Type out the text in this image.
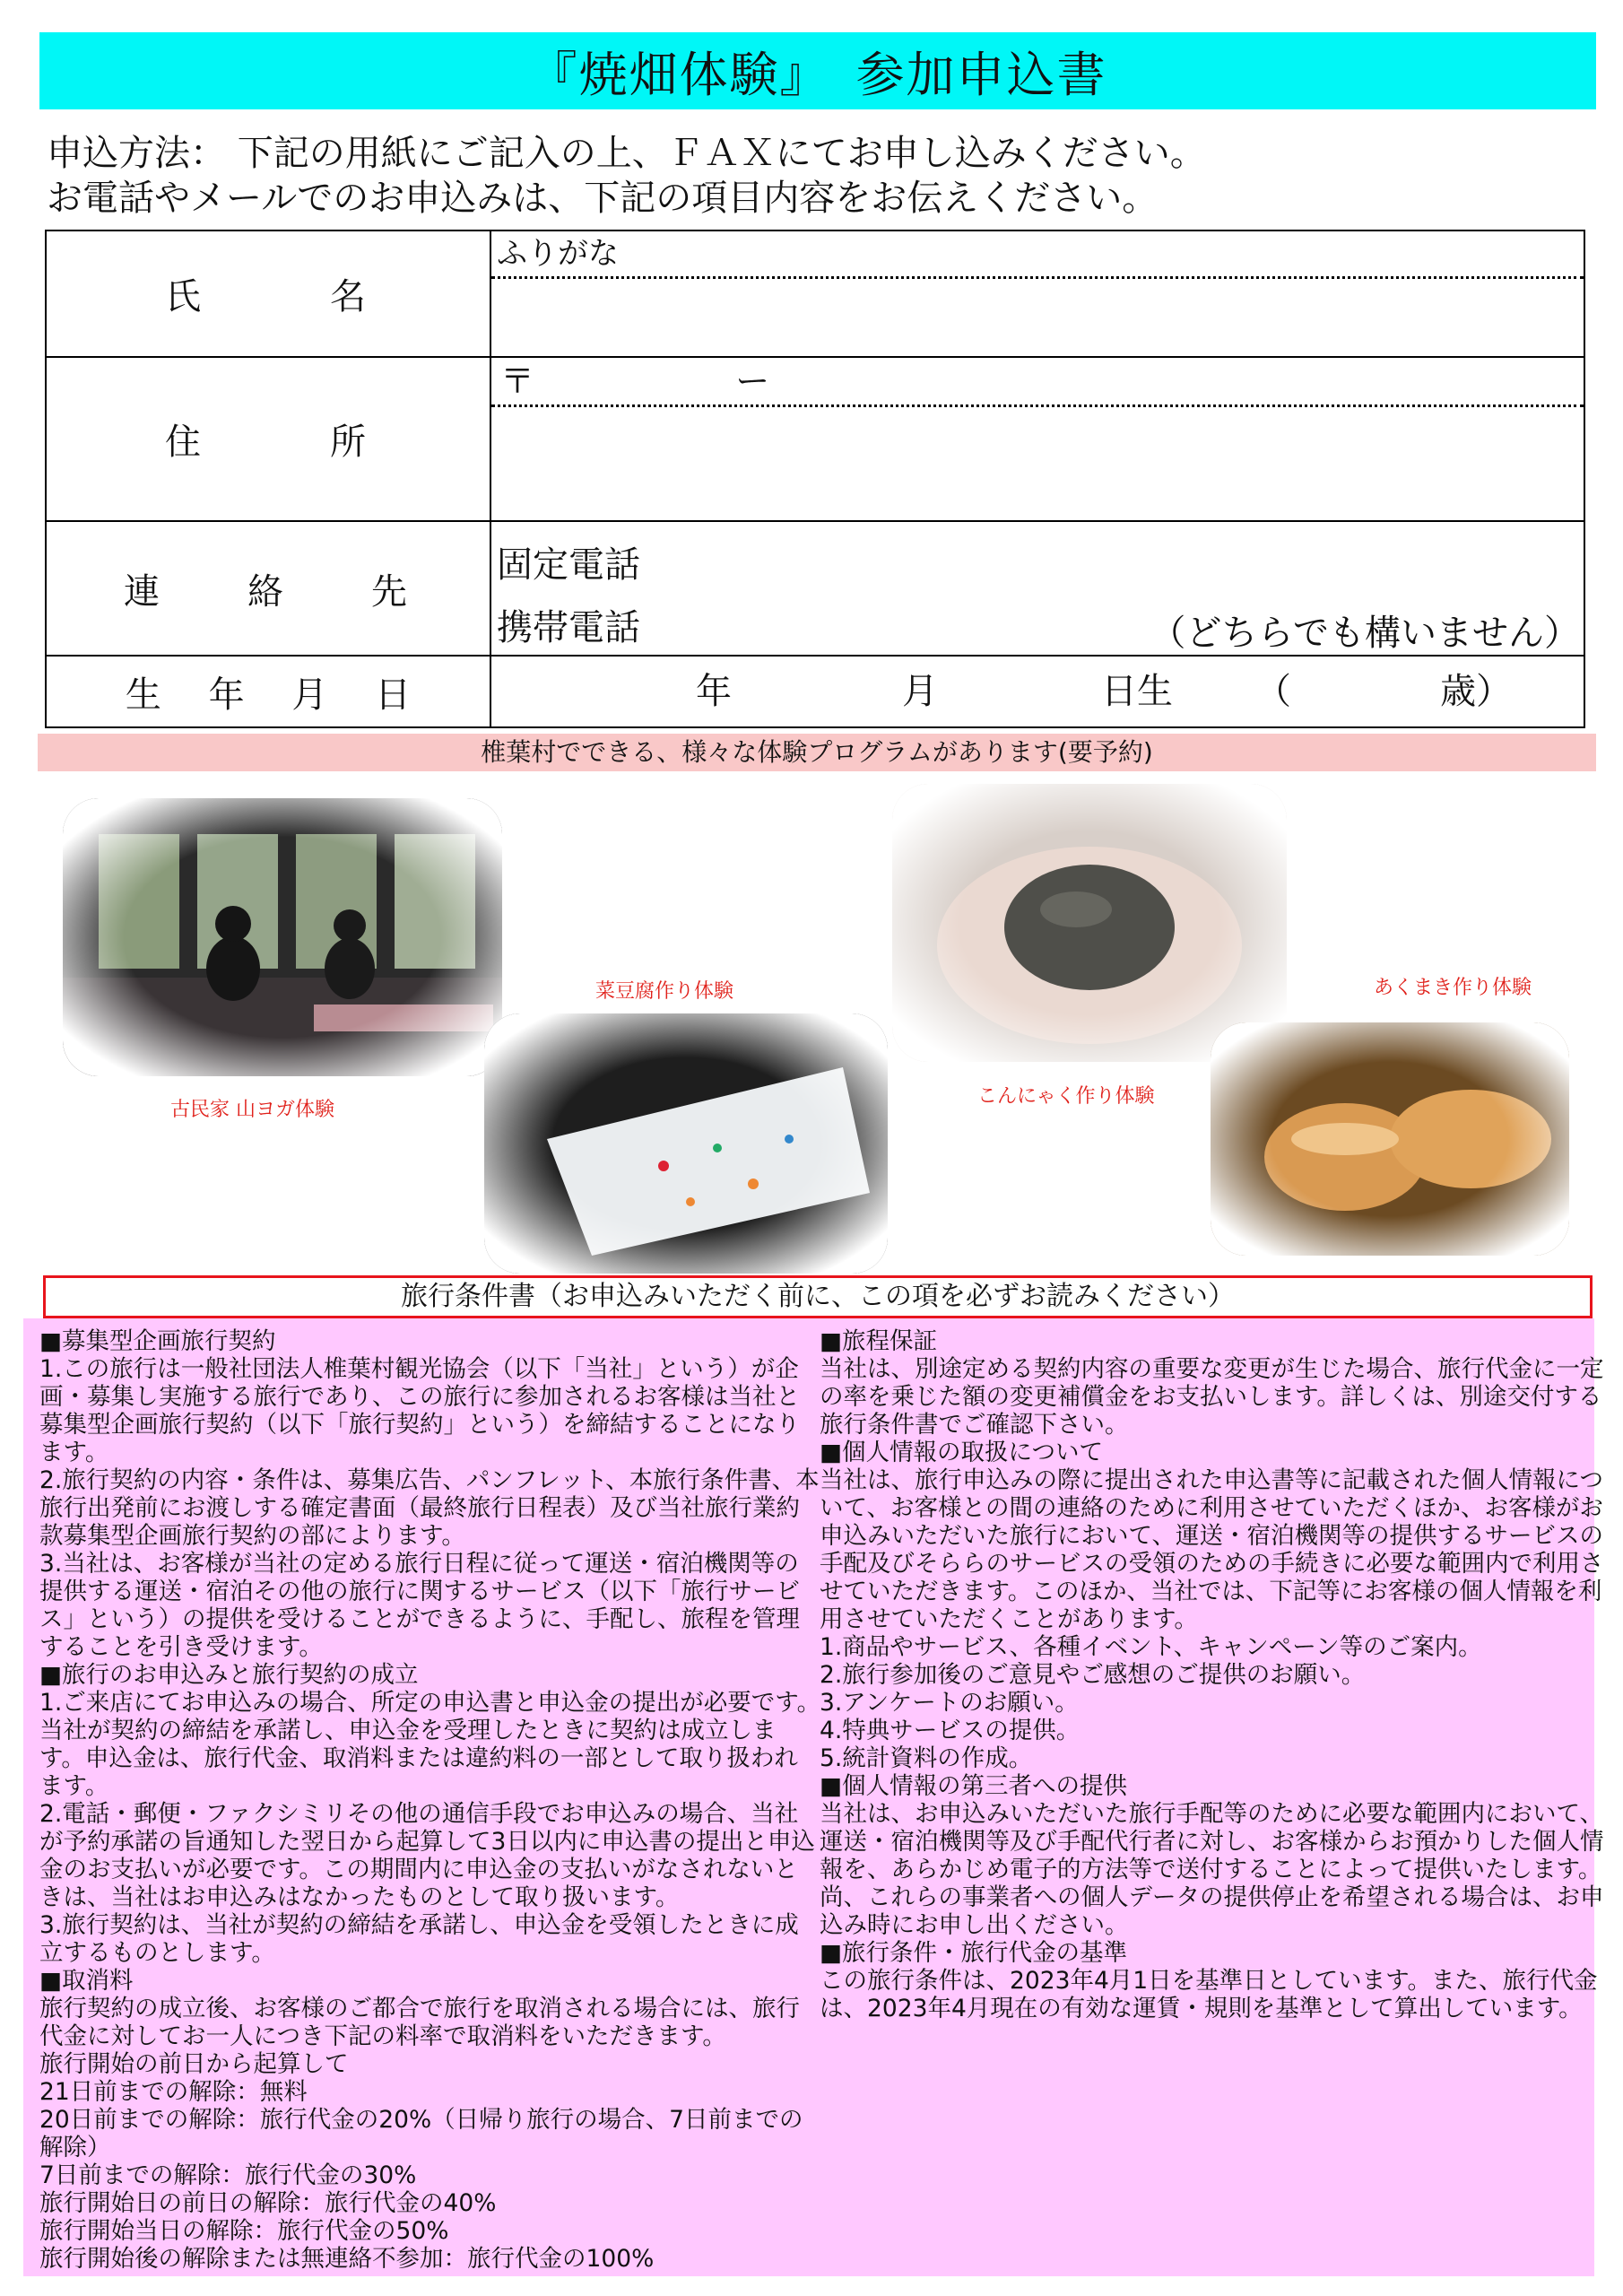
『焼畑体験』　参加申込書
申込方法： 下記の用紙にご記入の上、ＦＡＸにてお申し込みください。
お電話やメールでのお申込みは、下記の項目内容をお伝えください。
氏　　　名	ふりがな

住　　　所	〒 ー

連　　絡　　先	固定電話
携帯電話 （どちらでも構いません）

生　 年　 月　 日	年 月 日生 （ 歳）
椎葉村でできる、様々な体験プログラムがあります(要予約)
古民家 山ヨガ体験
菜豆腐作り体験
こんにゃく作り体験
あくまき作り体験
旅行条件書（お申込みいただく前に、この項を必ずお読みください）

■募集型企画旅行契約

1.この旅行は一般社団法人椎葉村観光協会（以下「当社」という）が企画・募集し実施する旅行であり、この旅行に参加されるお客様は当社と募集型企画旅行契約（以下「旅行契約」という）を締結することになります。

2.旅行契約の内容・条件は、募集広告、パンフレット、本旅行条件書、本旅行出発前にお渡しする確定書面（最終旅行日程表）及び当社旅行業約款募集型企画旅行契約の部によります。

3.当社は、お客様が当社の定める旅行日程に従って運送・宿泊機関等の提供する運送・宿泊その他の旅行に関するサービス（以下「旅行サービス」という）の提供を受けることができるように、手配し、旅程を管理することを引き受けます。

■旅行のお申込みと旅行契約の成立

1.ご来店にてお申込みの場合、所定の申込書と申込金の提出が必要です。当社が契約の締結を承諾し、申込金を受理したときに契約は成立します。申込金は、旅行代金、取消料または違約料の一部として取り扱われます。

2.電話・郵便・ファクシミリその他の通信手段でお申込みの場合、当社が予約承諾の旨通知した翌日から起算して3日以内に申込書の提出と申込金のお支払いが必要です。この期間内に申込金の支払いがなされないときは、当社はお申込みはなかったものとして取り扱います。

3.旅行契約は、当社が契約の締結を承諾し、申込金を受領したときに成立するものとします。

■取消料

旅行契約の成立後、お客様のご都合で旅行を取消される場合には、旅行代金に対してお一人につき下記の料率で取消料をいただきます。

旅行開始の前日から起算して

21日前までの解除：無料

20日前までの解除：旅行代金の20%（日帰り旅行の場合、7日前までの解除）

7日前までの解除：旅行代金の30%

旅行開始日の前日の解除：旅行代金の40%

旅行開始当日の解除：旅行代金の50%

旅行開始後の解除または無連絡不参加：旅行代金の100%

■旅程保証

当社は、別途定める契約内容の重要な変更が生じた場合、旅行代金に一定の率を乗じた額の変更補償金をお支払いします。詳しくは、別途交付する旅行条件書でご確認下さい。

■個人情報の取扱について

当社は、旅行申込みの際に提出された申込書等に記載された個人情報について、お客様との間の連絡のために利用させていただくほか、お客様がお申込みいただいた旅行において、運送・宿泊機関等の提供するサービスの手配及びそららのサービスの受領のための手続きに必要な範囲内で利用させていただきます。このほか、当社では、下記等にお客様の個人情報を利用させていただくことがあります。

1.商品やサービス、各種イベント、キャンペーン等のご案内。

2.旅行参加後のご意見やご感想のご提供のお願い。

3.アンケートのお願い。

4.特典サービスの提供。

5.統計資料の作成。

■個人情報の第三者への提供

当社は、お申込みいただいた旅行手配等のために必要な範囲内において、運送・宿泊機関等及び手配代行者に対し、お客様からお預かりした個人情報を、あらかじめ電子的方法等で送付することによって提供いたします。尚、これらの事業者への個人データの提供停止を希望される場合は、お申込み時にお申し出ください。

■旅行条件・旅行代金の基準

この旅行条件は、2023年4月1日を基準日としています。また、旅行代金は、2023年4月現在の有効な運賃・規則を基準として算出しています。
